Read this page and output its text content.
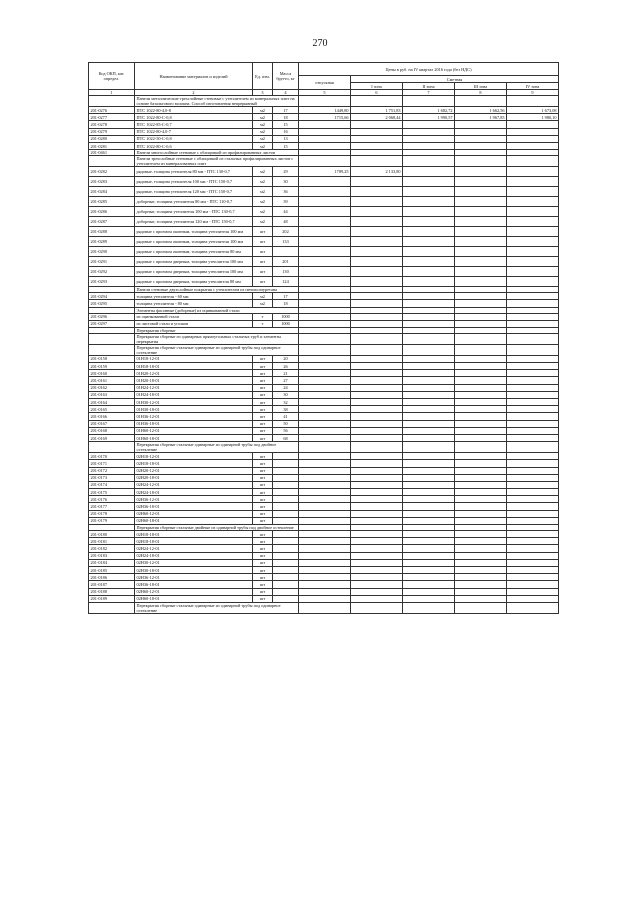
270
Код ОКП, кат. определ.	Наименование материалов и изделий	Ед. изм.	Масса брутто, кг	Цены в руб. на IV квартал 2016 года (без НДС)				
				отпускная	Сметная			
					I зона	II зона	III зона	IV зона
1	2	3	4	5	6	7	8	9
	Панели металлические трехслойные стеновые с утеплителем из минеральных плит на основе базальтового волокна. Способ изготовления непрерывный							
201-0276	ПТС 1022-80-4,0-8	м2	17	1449,80	1 751,83	1 682,72	1 662,56	1 673,08
201-0277	ПТС 1022-80-С-0,8	м2	18	1715,66	2 068,44	1 990,57	1 967,85	1 980,10
201-0278	ПТС 1022-85-С-0,7	м2	15					
201-0279	ПТС 1022-80-4,0-7	м2	16					
201-0280	ПТС 1022-50-С-0,8	м2	13					
201-0281	ПТС 1022-80-С-0,6	м2	15					
201-0461	Панели многослойные стеновые с облицовкой из профилированных листов							
	Панели трехслойные стеновые с облицовкой из стальных профилированных листов с утеплителем из минераловатных плит							
201-0282	рядовые, толщина утеплителя 80 мм - ПТС 130-0,7	м2	29	1789,25	2 133,80			
201-0283	рядовые, толщина утеплителя 100 мм - ПТС 150-0,7	м2	30					
201-0284	рядовые, толщина утеплителя 120 мм - ПТС 150-0,7	м2	36					
201-0285	доборные, толщина утеплителя 80 мм - ПТС 110-0,7	м2	39					
201-0286	доборные, толщина утеплителя 100 мм - ПТС 130-0,7	м2	44					
201-0287	доборные, толщина утеплителя 120 мм - ПТС 150-0,7	м2	48					
201-0288	рядовые с проемом оконным, толщина утеплителя 100 мм	шт	202					
201-0289	рядовые с проемом оконным, толщина утеплителя 100 мм	шт	133					
201-0290	рядовые с проемом оконным, толщина утеплителя 80 мм	шт						
201-0291	рядовые с проемом дверным, толщина утеплителя 100 мм	шт	201					
201-0292	рядовые с проемом дверным, толщина утеплителя 100 мм	шт	130					
201-0293	рядовые с проемом дверным, толщина утеплителя 80 мм	шт	124					
	Панели стеновые двухслойные покрытия с утеплителем из пенополиуретана							
201-0294	толщина утеплителя - 60 мм	м2	17					
201-0295	толщина утеплителя - 80 мм	м2	18					
	Элементы фасонные (доборные) из оцинкованной стали							
201-0296	из оцинкованной стали	т	1000					
201-0297	из листовой стали и уголков	т	1000					
	Перекрытия сборные							
	Перекрытия сборные из одинарных прямоугольных стальных труб и элементы перекрытия							
	Перекрытия сборные стальные одинарные из одинарной трубы под одинарное остекление							
201-0158	01Н18-12-01	шт	20					
201-0159	01Н18-18-01	шт	26					
201-0160	01Н20-12-01	шт	21					
201-0161	01Н20-18-01	шт	27					
201-0162	01Н24-12-01	шт	24					
201-0163	01Н24-18-01	шт	30					
201-0164	01Н30-12-01	шт	32					
201-0165	01Н30-18-01	шт	38					
201-0166	01Н36-12-01	шт	41					
201-0167	01Н36-18-01	шт	50					
201-0168	01Н60-12-01	шт	56					
201-0169	01Н60-18-01	шт	68					
	Перекрытия сборные стальные одинарные из одинарной трубы под двойное остекление							
201-0170	02Н18-12-01	шт						
201-0171	02Н18-18-01	шт						
201-0172	02Н20-12-01	шт						
201-0173	02Н20-18-01	шт						
201-0174	02Н24-12-01	шт						
201-0175	02Н24-18-01	шт						
201-0176	02Н36-12-01	шт						
201-0177	02Н36-18-01	шт						
201-0178	02Н60-12-01	шт						
201-0179	02Н60-18-01	шт						
	Перекрытия сборные стальные двойные из одинарной трубы под двойное остекление							
201-0180	02Н18-18-01	шт						
201-0181	02Н18-18-01	шт						
201-0182	02Н24-12-01	шт						
201-0183	02Н24-18-01	шт						
201-0184	02Н30-12-01	шт						
201-0185	02Н30-18-01	шт						
201-0186	02Н36-12-01	шт						
201-0187	02Н36-18-01	шт						
201-0188	02Н60-12-01	шт						
201-0189	02Н60-18-01	шт						
	Перекрытия сборные стальные одинарные из одинарной трубы под одинарное остекление							
